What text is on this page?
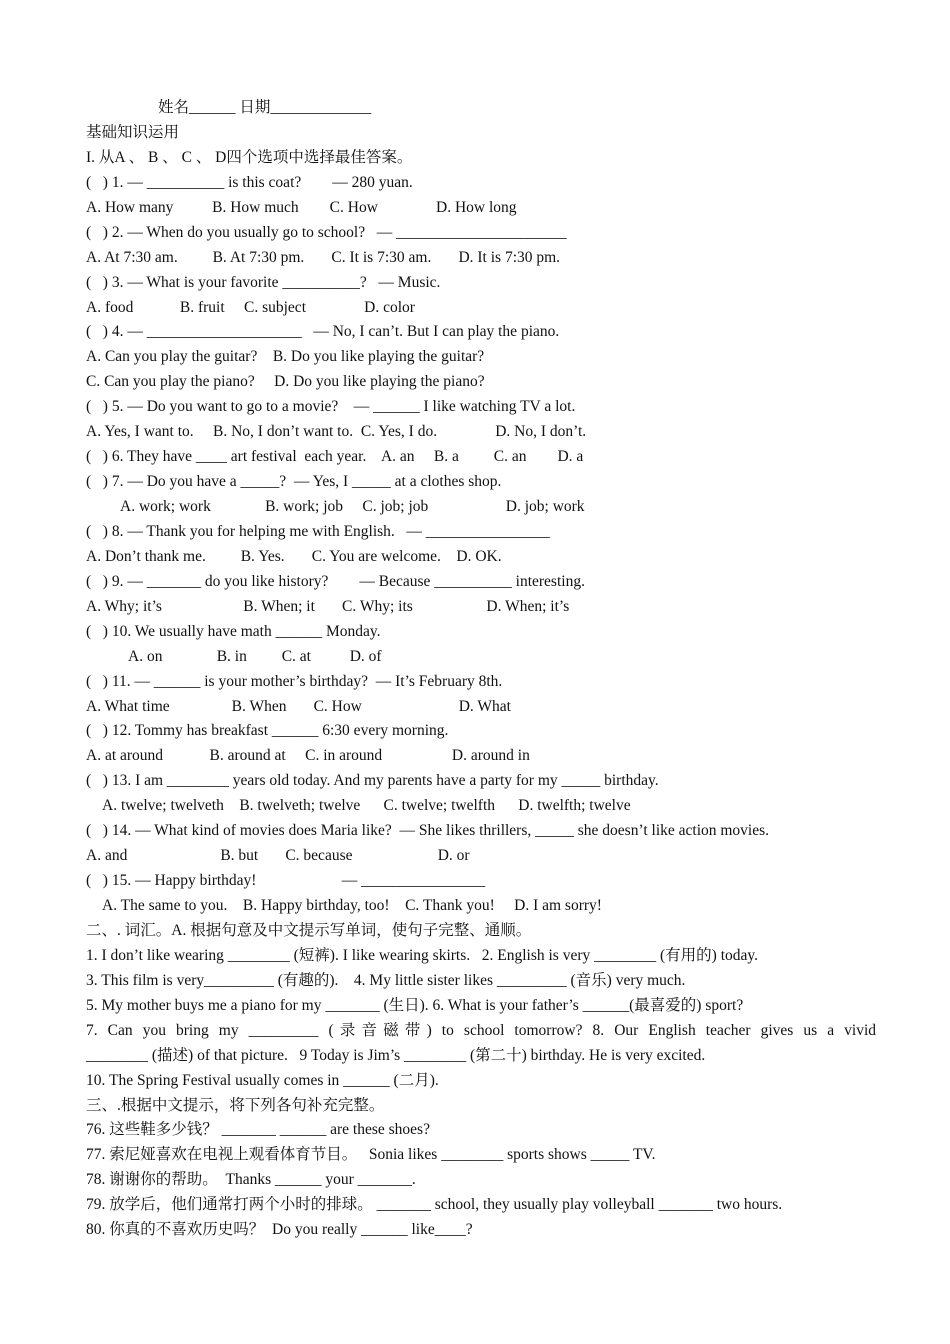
姓名______ 日期_____________
基础知识运用
I. 从A 、 B 、 C 、 D四个选项中选择最佳答案。
(   ) 1. — __________ is this coat?        — 280 yuan.
A. How many          B. How much        C. How               D. How long
(   ) 2. — When do you usually go to school?   — ______________________
A. At 7:30 am.         B. At 7:30 pm.       C. It is 7:30 am.       D. It is 7:30 pm.
(   ) 3. — What is your favorite __________?   — Music.
A. food            B. fruit     C. subject               D. color
(   ) 4. — ____________________   — No, I can’t. But I can play the piano.
A. Can you play the guitar?    B. Do you like playing the guitar?
C. Can you play the piano?     D. Do you like playing the piano?
(   ) 5. — Do you want to go to a movie?    — ______ I like watching TV a lot.
A. Yes, I want to.     B. No, I don’t want to.  C. Yes, I do.               D. No, I don’t.
(   ) 6. They have ____ art festival  each year.    A. an     B. a         C. an        D. a
(   ) 7. — Do you have a _____?  — Yes, I _____ at a clothes shop.
A. work; work              B. work; job     C. job; job                    D. job; work
(   ) 8. — Thank you for helping me with English.   — ________________
A. Don’t thank me.         B. Yes.       C. You are welcome.    D. OK.
(   ) 9. — _______ do you like history?        — Because __________ interesting.
A. Why; it’s                     B. When; it       C. Why; its                   D. When; it’s
(   ) 10. We usually have math ______ Monday.
A. on              B. in         C. at          D. of
(   ) 11. — ______ is your mother’s birthday?  — It’s February 8th.
A. What time                B. When       C. How                         D. What
(   ) 12. Tommy has breakfast ______ 6:30 every morning.
A. at around            B. around at     C. in around                  D. around in
(   ) 13. I am ________ years old today. And my parents have a party for my _____ birthday.
A. twelve; twelveth    B. twelveth; twelve      C. twelve; twelfth      D. twelfth; twelve
(   ) 14. — What kind of movies does Maria like?  — She likes thrillers, _____ she doesn’t like action movies.
A. and                        B. but       C. because                      D. or
(   ) 15. — Happy birthday!                      — ________________
A. The same to you.    B. Happy birthday, too!    C. Thank you!     D. I am sorry!
二、. 词汇。A. 根据句意及中文提示写单词，使句子完整、通顺。
1. I don’t like wearing ________ (短裤). I like wearing skirts.   2. English is very ________ (有用的) today.
3. This film is very_________ (有趣的).    4. My little sister likes _________ (音乐) very much.
5. My mother buys me a piano for my _______ (生日). 6. What is your father’s ______(最喜爱的) sport?
7. Can you bring my _________ (录音磁带) to school tomorrow? 8. Our English teacher gives us a vivid
________ (描述) of that picture.   9 Today is Jim’s ________ (第二十) birthday. He is very excited.
10. The Spring Festival usually comes in ______ (二月).
三、.根据中文提示，将下列各句补充完整。
76. 这些鞋多少钱？ _______ ______ are these shoes?
77. 索尼娅喜欢在电视上观看体育节目。   Sonia likes ________ sports shows _____ TV.
78. 谢谢你的帮助。  Thanks ______ your _______.
79. 放学后，他们通常打两个小时的排球。 _______ school, they usually play volleyball _______ two hours.
80. 你真的不喜欢历史吗？  Do you really ______ like____?
